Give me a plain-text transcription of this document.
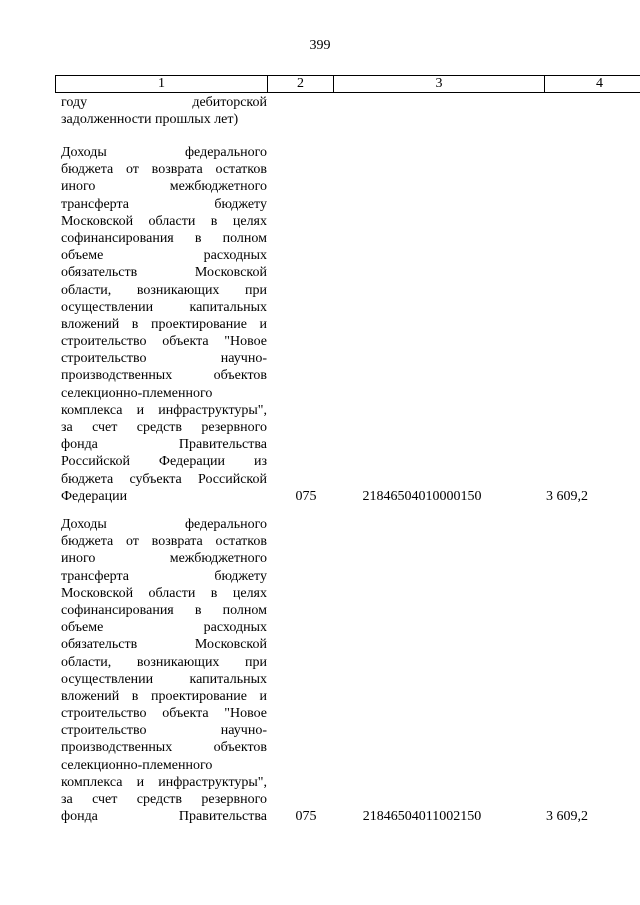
399
1	2	3	4
году дебиторской
задолженности прошлых лет)
Доходы федерального
бюджета от возврата остатков
иного межбюджетного
трансферта бюджету
Московской области в целях
софинансирования в полном
объеме расходных
обязательств Московской
области, возникающих при
осуществлении капитальных
вложений в проектирование и
строительство объекта "Новое
строительство научно-
производственных объектов
селекционно-племенного
комплекса и инфраструктуры",
за счет средств резервного
фонда Правительства
Российской Федерации из
бюджета субъекта Российской
Федерации	075	21846504010000150	3 609,2
Доходы федерального
бюджета от возврата остатков
иного межбюджетного
трансферта бюджету
Московской области в целях
софинансирования в полном
объеме расходных
обязательств Московской
области, возникающих при
осуществлении капитальных
вложений в проектирование и
строительство объекта "Новое
строительство научно-
производственных объектов
селекционно-племенного
комплекса и инфраструктуры",
за счет средств резервного
фонда Правительства	075	21846504011002150	3 609,2
